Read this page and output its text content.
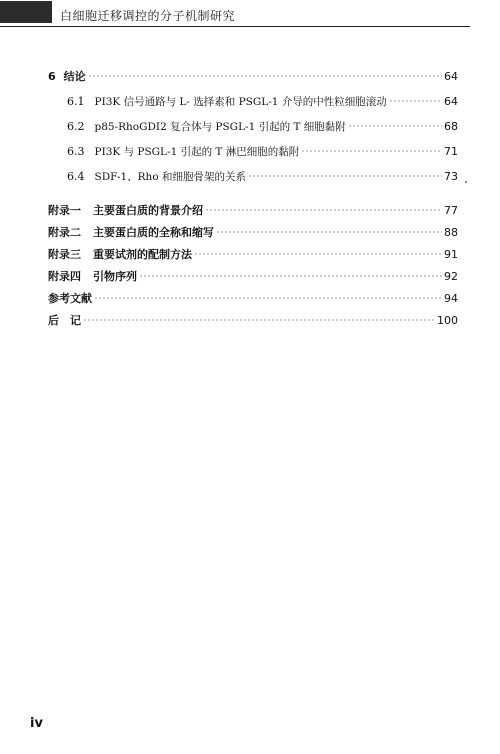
白细胞迁移调控的分子机制研究
6 结论	64
6.1 PI3K 信号通路与 L- 选择素和 PSGL-1 介导的中性粒细胞滚动	64
6.2 p85-RhoGDI2 复合体与 PSGL-1 引起的 T 细胞黏附	68
6.3 PI3K 与 PSGL-1 引起的 T 淋巴细胞的黏附	71
6.4 SDF-1、Rho 和细胞骨架的关系	73
附录一 主要蛋白质的背景介绍	77
附录二 主要蛋白质的全称和缩写	88
附录三 重要试剂的配制方法	91
附录四 引物序列	92
参考文献	94
后　记	100
iv
